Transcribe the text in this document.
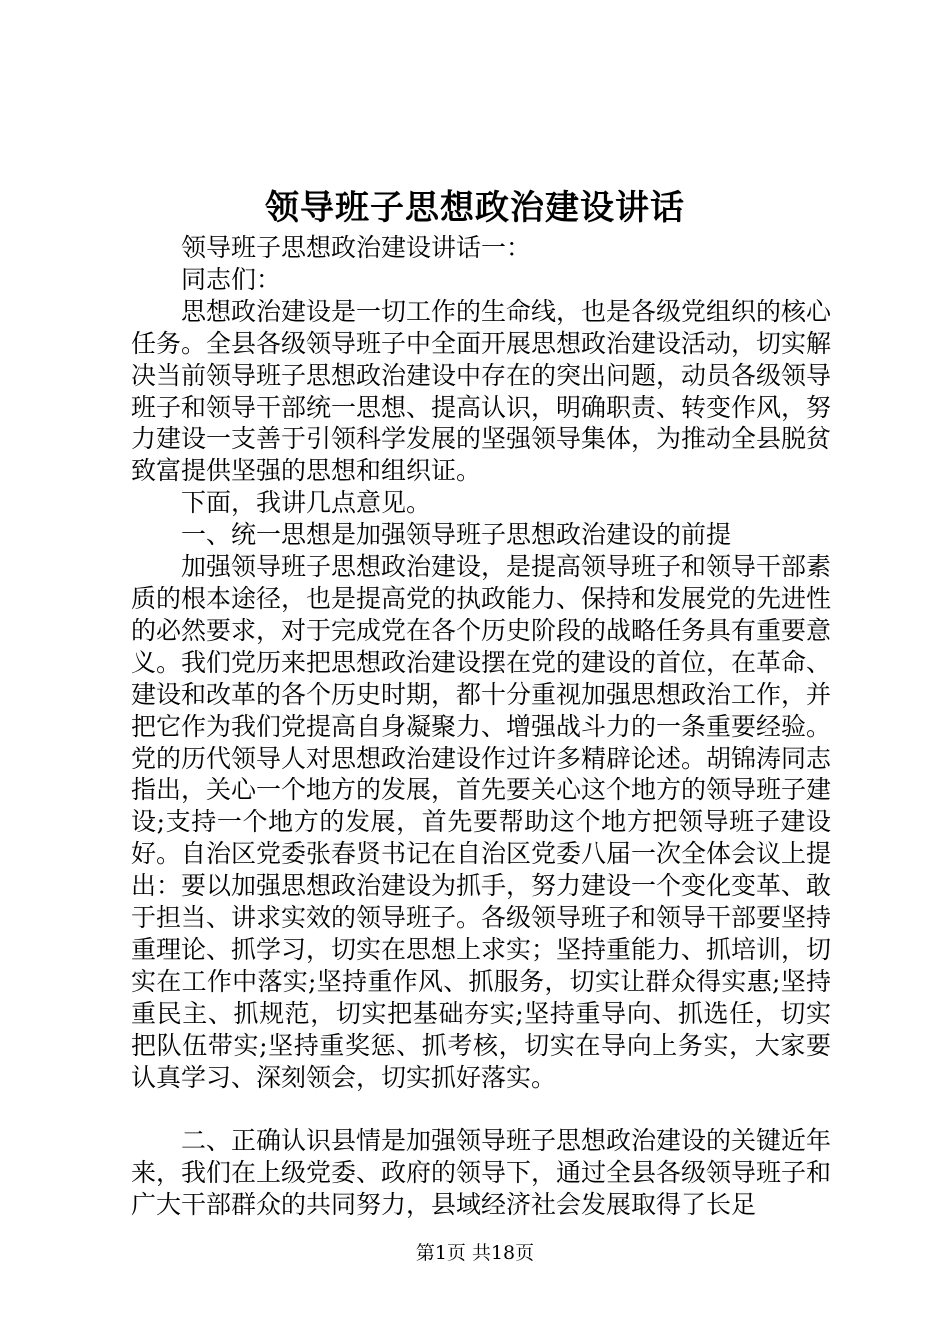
领导班子思想政治建设讲话

领导班子思想政治建设讲话一：

同志们：

思想政治建设是一切工作的生命线，也是各级党组织的核心任务。全县各级领导班子中全面开展思想政治建设活动，切实解决当前领导班子思想政治建设中存在的突出问题，动员各级领导班子和领导干部统一思想、提高认识，明确职责、转变作风，努力建设一支善于引领科学发展的坚强领导集体，为推动全县脱贫致富提供坚强的思想和组织证。

下面，我讲几点意见。

一、统一思想是加强领导班子思想政治建设的前提

加强领导班子思想政治建设，是提高领导班子和领导干部素质的根本途径，也是提高党的执政能力、保持和发展党的先进性的必然要求，对于完成党在各个历史阶段的战略任务具有重要意义。我们党历来把思想政治建设摆在党的建设的首位，在革命、建设和改革的各个历史时期，都十分重视加强思想政治工作，并把它作为我们党提高自身凝聚力、增强战斗力的一条重要经验。党的历代领导人对思想政治建设作过许多精辟论述。胡锦涛同志指出，关心一个地方的发展，首先要关心这个地方的领导班子建设;支持一个地方的发展，首先要帮助这个地方把领导班子建设好。自治区党委张春贤书记在自治区党委八届一次全体会议上提出：要以加强思想政治建设为抓手，努力建设一个变化变革、敢于担当、讲求实效的领导班子。各级领导班子和领导干部要坚持重理论、抓学习，切实在思想上求实；坚持重能力、抓培训，切实在工作中落实;坚持重作风、抓服务，切实让群众得实惠;坚持重民主、抓规范，切实把基础夯实;坚持重导向、抓选任，切实把队伍带实;坚持重奖惩、抓考核，切实在导向上务实，大家要认真学习、深刻领会，切实抓好落实。

二、正确认识县情是加强领导班子思想政治建设的关键近年来，我们在上级党委、政府的领导下，通过全县各级领导班子和广大干部群众的共同努力，县域经济社会发展取得了长足

第1页 共18页
